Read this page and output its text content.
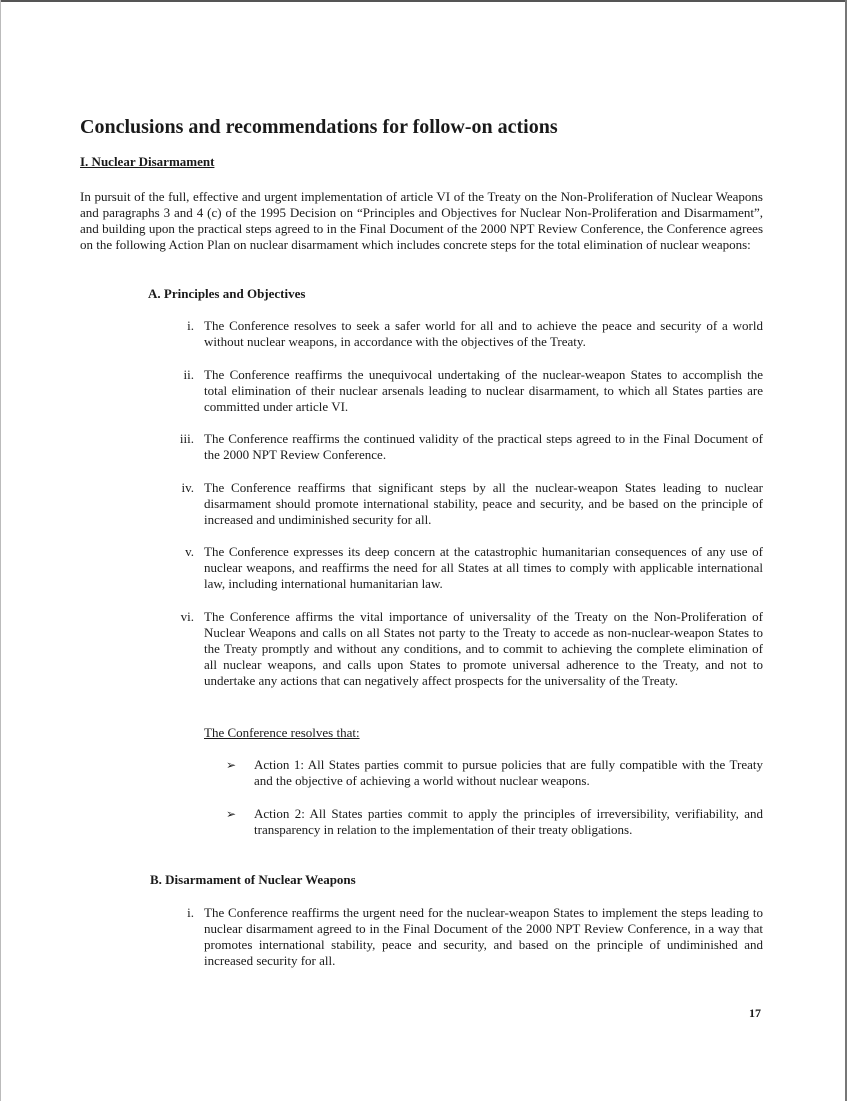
Conclusions and recommendations for follow-on actions
I. Nuclear Disarmament

In pursuit of the full, effective and urgent implementation of article VI of the Treaty on the Non-Proliferation of Nuclear Weapons and paragraphs 3 and 4 (c) of the 1995 Decision on “Principles and Objectives for Nuclear Non-Proliferation and Disarmament”, and building upon the practical steps agreed to in the Final Document of the 2000 NPT Review Conference, the Conference agrees on the following Action Plan on nuclear disarmament which includes concrete steps for the total elimination of nuclear weapons:

A. Principles and Objectives
i. The Conference resolves to seek a safer world for all and to achieve the peace and security of a world without nuclear weapons, in accordance with the objectives of the Treaty.
ii. The Conference reaffirms the unequivocal undertaking of the nuclear-weapon States to accomplish the total elimination of their nuclear arsenals leading to nuclear disarmament, to which all States parties are committed under article VI.
iii. The Conference reaffirms the continued validity of the practical steps agreed to in the Final Document of the 2000 NPT Review Conference.
iv. The Conference reaffirms that significant steps by all the nuclear-weapon States leading to nuclear disarmament should promote international stability, peace and security, and be based on the principle of increased and undiminished security for all.
v. The Conference expresses its deep concern at the catastrophic humanitarian consequences of any use of nuclear weapons, and reaffirms the need for all States at all times to comply with applicable international law, including international humanitarian law.
vi. The Conference affirms the vital importance of universality of the Treaty on the Non-Proliferation of Nuclear Weapons and calls on all States not party to the Treaty to accede as non-nuclear-weapon States to the Treaty promptly and without any conditions, and to commit to achieving the complete elimination of all nuclear weapons, and calls upon States to promote universal adherence to the Treaty, and not to undertake any actions that can negatively affect prospects for the universality of the Treaty.

The Conference resolves that:

➢ Action 1: All States parties commit to pursue policies that are fully compatible with the Treaty and the objective of achieving a world without nuclear weapons.
➢ Action 2: All States parties commit to apply the principles of irreversibility, verifiability, and transparency in relation to the implementation of their treaty obligations.
B. Disarmament of Nuclear Weapons
i. The Conference reaffirms the urgent need for the nuclear-weapon States to implement the steps leading to nuclear disarmament agreed to in the Final Document of the 2000 NPT Review Conference, in a way that promotes international stability, peace and security, and based on the principle of undiminished and increased security for all.

17
